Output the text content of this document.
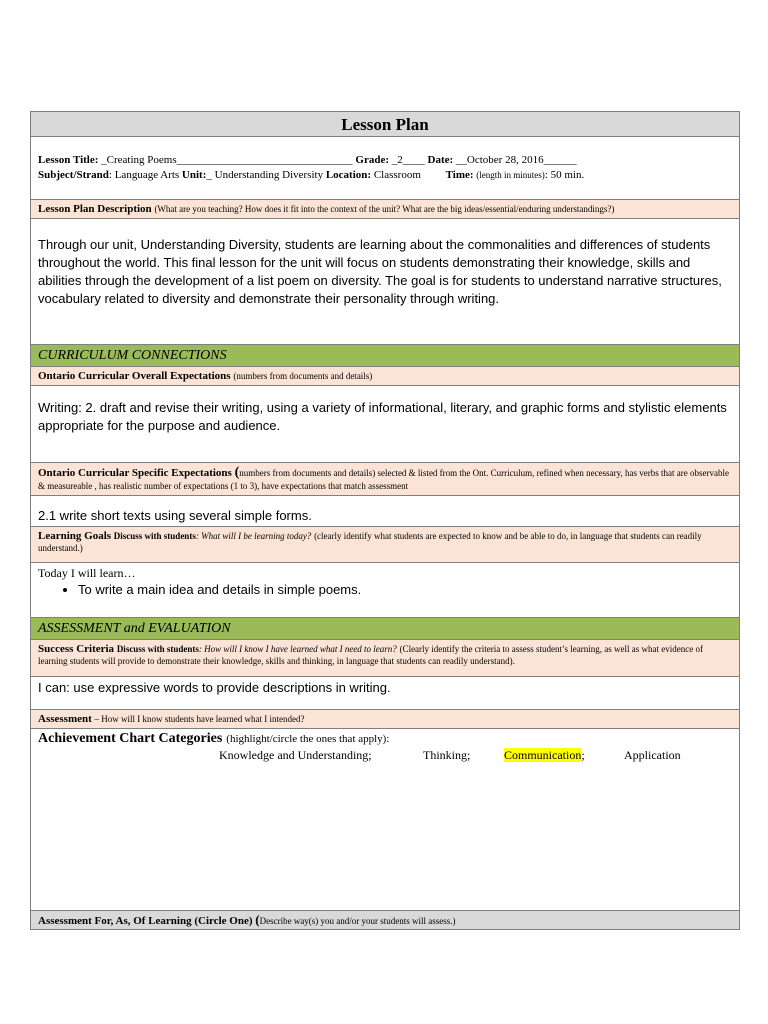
Lesson Plan
Lesson Title: _Creating Poems________________________________ Grade: _2____ Date: __October 28, 2016______
Subject/Strand: Language Arts Unit:_ Understanding Diversity Location: Classroom Time: (length in minutes): 50 min.
Lesson Plan Description (What are you teaching? How does it fit into the context of the unit? What are the big ideas/essential/enduring understandings?)
Through our unit, Understanding Diversity, students are learning about the commonalities and differences of students throughout the world. This final lesson for the unit will focus on students demonstrating their knowledge, skills and abilities through the development of a list poem on diversity. The goal is for students to understand narrative structures, vocabulary related to diversity and demonstrate their personality through writing.
CURRICULUM CONNECTIONS
Ontario Curricular Overall Expectations (numbers from documents and details)
Writing: 2. draft and revise their writing, using a variety of informational, literary, and graphic forms and stylistic elements appropriate for the purpose and audience.
Ontario Curricular Specific Expectations (numbers from documents and details) selected & listed from the Ont. Curriculum, refined when necessary, has verbs that are observable & measureable , has realistic number of expectations (1 to 3), have expectations that match assessment
2.1 write short texts using several simple forms.
Learning Goals Discuss with students: What will I be learning today? (clearly identify what students are expected to know and be able to do, in language that students can readily understand.)
Today I will learn…
• To write a main idea and details in simple poems.
ASSESSMENT and EVALUATION
Success Criteria Discuss with students: How will I know I have learned what I need to learn? (Clearly identify the criteria to assess student’s learning, as well as what evidence of learning students will provide to demonstrate their knowledge, skills and thinking, in language that students can readily understand).
I can: use expressive words to provide descriptions in writing.
Assessment – How will I know students have learned what I intended?
Achievement Chart Categories (highlight/circle the ones that apply):
Knowledge and Understanding;	Thinking;	Communication;	Application
Assessment For, As, Of Learning (Circle One) (Describe way(s) you and/or your students will assess.)
